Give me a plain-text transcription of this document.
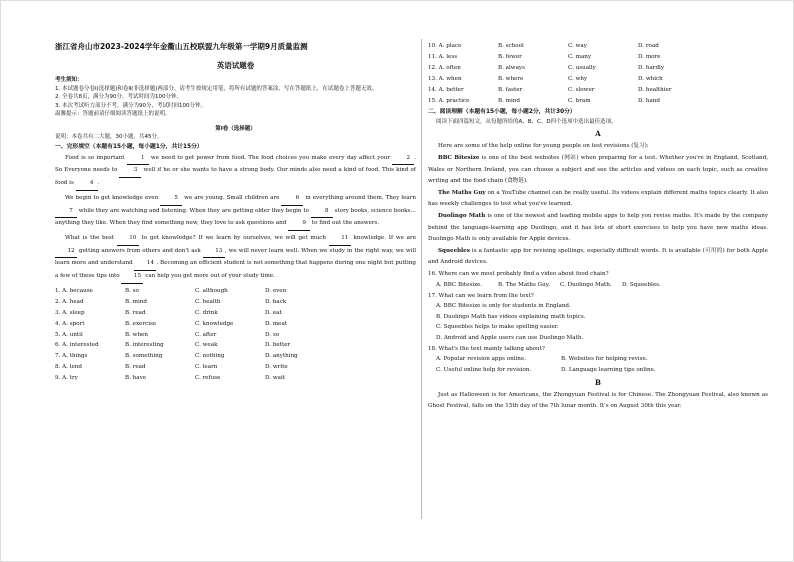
浙江省舟山市2023-2024学年金衢山五校联盟九年级第一学期9月质量监测
英语试题卷
考生须知：
1. 本试题卷分卷Ⅰ(选择题)和卷Ⅱ(非选择题)两部分。请考生按规定用笔，将所有试题的答案涂、写在答题纸上，在试题卷上答题无效。
2. 全卷共8页，满分为90分。考试时间为100分钟。
3. 本次考试听力部分不考，满分为90分，考试时间100分钟。
温馨提示：答题前请仔细阅读答题纸上的说明。
第Ⅰ卷（选择题）
说明：本卷共有二大题，30小题，共45分。
一、完形填空（本题有15小题，每小题1分，共计15分）
Food is so important	1 we need to get power from food. The food choices you make every day affect your	2 . So Everyone needs to	3 well if he or she wants to have a strong body. Our minds also need a kind of food. This kind of food is	4 .
We begin to get knowledge even	5 we are young. Small children are	6 in everything around them. They learn 7 while they are watching and listening. When they are getting older they begin to	8 story books, science books…anything they like. When they find something new, they love to ask questions and	9 to find out the answers.
What is the best 10 to get knowledge? If we learn by ourselves, we will get much 11 knowledge. If we are 12 getting answers from others and don't ask 13 , we will never learn well. When we study in the right way, we will learn more and understand 14 . Becoming an efficient student is not something that happens during one night but putting a few of these tips into 15 can help you get more out of your study time.
1. A. because	B. so	C. although	D. even
2. A. head	B. mind	C. health	D. back
3. A. sleep	B. read	C. drink	D. eat
4. A. sport	B. exercise	C. knowledge	D. meat
5. A. until	B. when	C. after	D. so
6. A. interested	B. interesting	C. weak	D. better
7. A. things	B. something	C. nothing	D. anything
8. A. lend	B. read	C. learn	D. write
9. A. try	B. have	C. refuse	D. wait
10. A. place	B. school	C. way	D. road
11. A. less	B. fewer	C. many	D. more
12. A. often	B. always	C. usually	D. hardly
13. A. when	B. where	C. why	D. which
14. A. better	B. faster	C. slower	D. healthier
15. A. practice	B. mind	C. brain	D. hand
二、阅读理解（本题有15小题，每小题2分，共计30分）
阅读下面四篇短文，从每题所给的A、B、C、D四个选项中选出最佳选项。
A
Here are some of the help online for young people on test revisions (复习):
BBC Bitesize is one of the best websites (网站) when preparing for a test. Whether you're in England, Scotland, Wales or Northern Ireland, you can choose a subject and see the articles and videos on each topic, such as creative writing and the food chain (食物链).
The Maths Guy on a YouTube channel can be really useful. Its videos explain different maths topics clearly. It also has weekly challenges to test what you've learned.
Duolingo Math is one of the newest and leading mobile apps to help you revise maths. It's made by the company behind the language-learning app Duolingo, and it has lots of short exercises to help you have new maths ideas. Duolingo Math is only available for Apple devices.
Squeebles is a fantastic app for revising spellings, especially difficult words. It is available (可用的) for both Apple and Android devices.
16. Where can we most probably find a video about food chain?
A. BBC Bitesize.	B. The Maths Guy.	C. Duolingo Math.	D. Squeebles.
17. What can we learn from the text?
A. BBC Bitesize is only for students in England.
B. Duolingo Math has videos explaining math topics.
C. Squeebles helps to make spelling easier.
D. Android and Apple users can use Duolingo Math.
18. What's the text mainly talking about?
A. Popular revision apps online.	B. Websites for helping revise.
C. Useful online help for revision.	D. Language learning tips online.
B
Just as Halloween is for Americans, the Zhongyuan Festival is for Chinese. The Zhongyuan Festival, also known as Ghost Festival, falls on the 15th day of the 7th lunar month. It's on August 30th this year.
